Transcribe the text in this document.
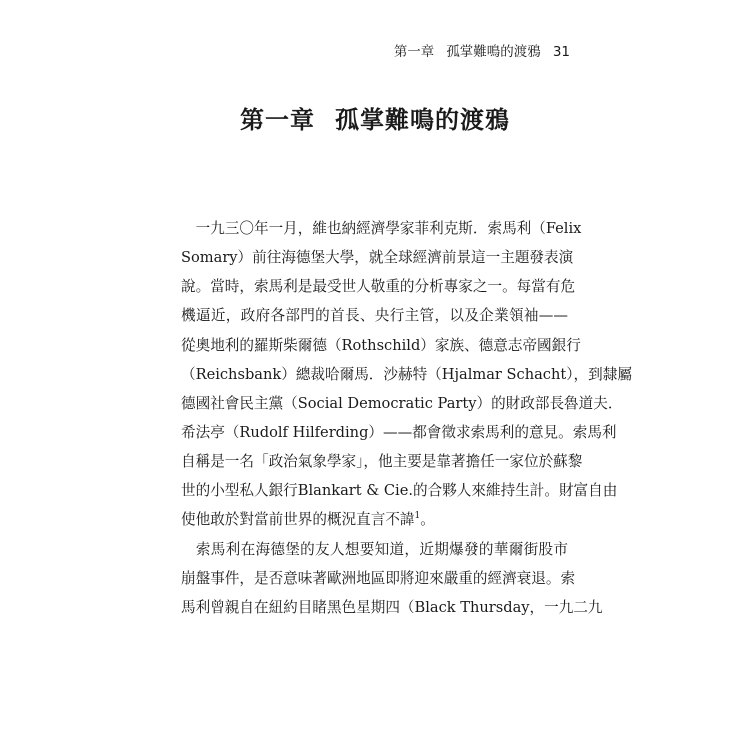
第一章 孤掌難鳴的渡鴉 31
第一章 孤掌難鳴的渡鴉
　一九三〇年一月，維也納經濟學家菲利克斯．索馬利（Felix
Somary）前往海德堡大學，就全球經濟前景這一主題發表演
說。當時，索馬利是最受世人敬重的分析專家之一。每當有危
機逼近，政府各部門的首長、央行主管，以及企業領袖——
從奧地利的羅斯柴爾德（Rothschild）家族、德意志帝國銀行
（Reichsbank）總裁哈爾馬．沙赫特（Hjalmar Schacht），到隸屬
德國社會民主黨（Social Democratic Party）的財政部長魯道夫．
希法亭（Rudolf Hilferding）——都會徵求索馬利的意見。索馬利
自稱是一名「政治氣象學家」，他主要是靠著擔任一家位於蘇黎
世的小型私人銀行Blankart & Cie.的合夥人來維持生計。財富自由
使他敢於對當前世界的概況直言不諱$^1$。
　索馬利在海德堡的友人想要知道，近期爆發的華爾街股市
崩盤事件，是否意味著歐洲地區即將迎來嚴重的經濟衰退。索
馬利曾親自在紐約目睹黑色星期四（Black Thursday，一九二九
